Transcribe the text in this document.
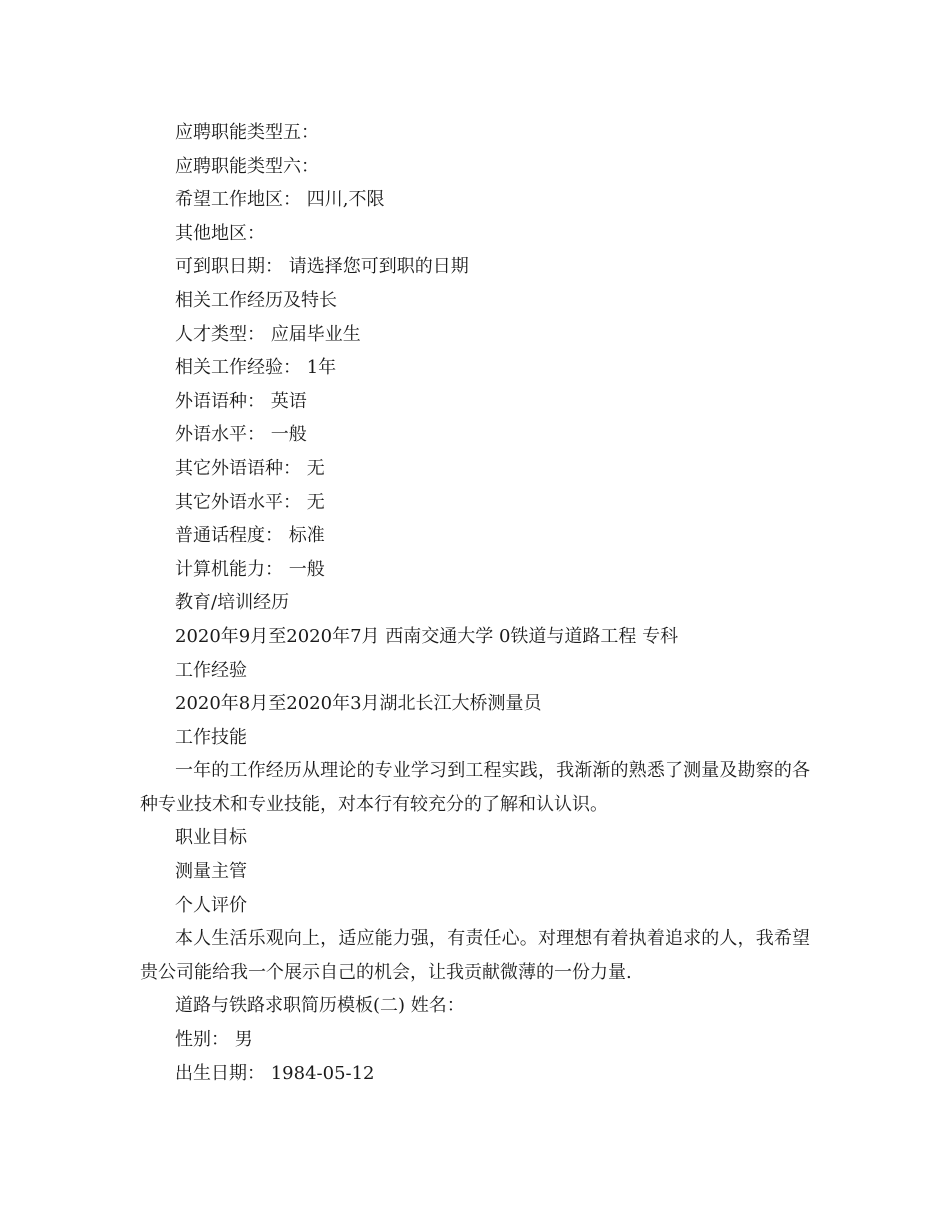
应聘职能类型五：
应聘职能类型六：
希望工作地区： 四川,不限
其他地区：
可到职日期： 请选择您可到职的日期
相关工作经历及特长
人才类型： 应届毕业生
相关工作经验： 1年
外语语种： 英语
外语水平： 一般
其它外语语种： 无
其它外语水平： 无
普通话程度： 标准
计算机能力： 一般
教育/培训经历
2020年9月至2020年7月 西南交通大学 0铁道与道路工程 专科
工作经验
2020年8月至2020年3月湖北长江大桥测量员
工作技能
一年的工作经历从理论的专业学习到工程实践，我渐渐的熟悉了测量及勘察的各种专业技术和专业技能，对本行有较充分的了解和认认识。
职业目标
测量主管
个人评价
本人生活乐观向上，适应能力强，有责任心。对理想有着执着追求的人，我希望贵公司能给我一个展示自己的机会，让我贡献微薄的一份力量.
道路与铁路求职简历模板(二) 姓名：
性别： 男
出生日期： 1984-05-12
